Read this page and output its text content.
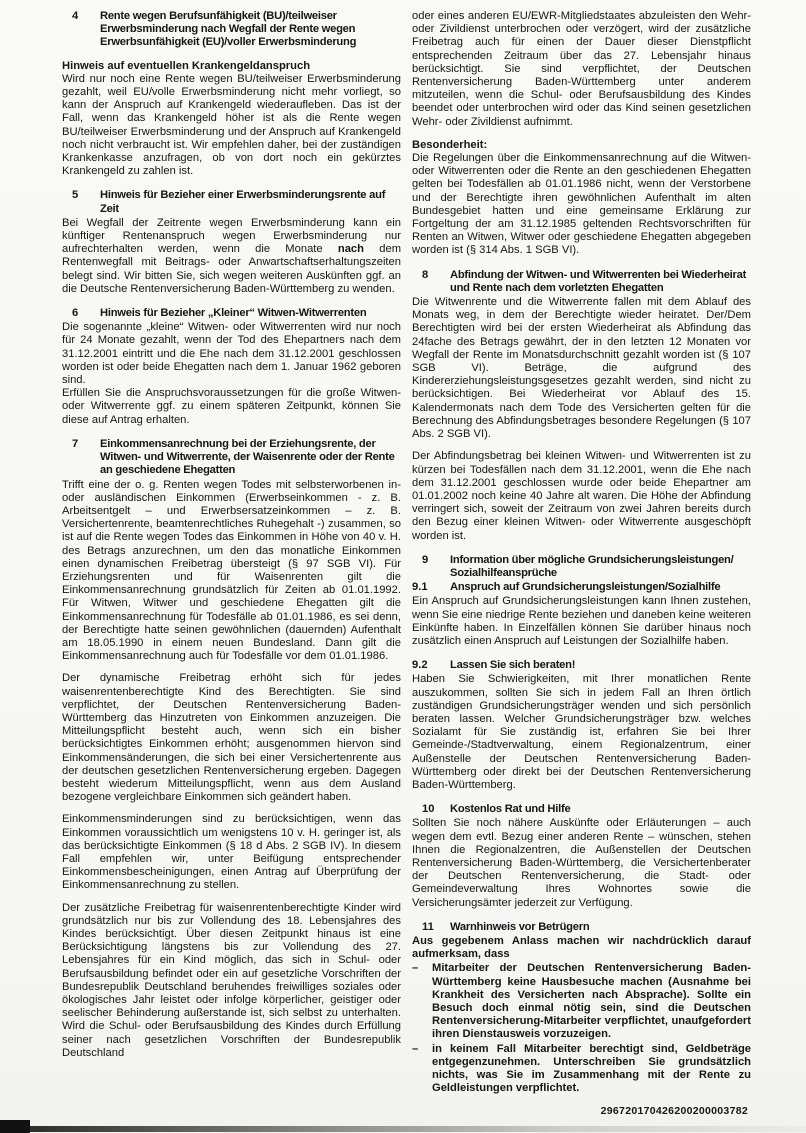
4	Rente wegen Berufsunfähigkeit (BU)/teilweiser Erwerbsminderung nach Wegfall der Rente wegen Erwerbsunfähigkeit (EU)/voller Erwerbsminderung
Hinweis auf eventuellen Krankengeldanspruch
Wird nur noch eine Rente wegen BU/teilweiser Erwerbsminderung gezahlt, weil EU/volle Erwerbsminderung nicht mehr vorliegt, so kann der Anspruch auf Krankengeld wiederaufleben. Das ist der Fall, wenn das Krankengeld höher ist als die Rente wegen BU/teilweiser Erwerbsminderung und der Anspruch auf Krankengeld noch nicht verbraucht ist. Wir empfehlen daher, bei der zuständigen Krankenkasse anzufragen, ob von dort noch ein gekürztes Krankengeld zu zahlen ist.
5	Hinweis für Bezieher einer Erwerbsminderungsrente auf Zeit
Bei Wegfall der Zeitrente wegen Erwerbsminderung kann ein künftiger Rentenanspruch wegen Erwerbsminderung nur aufrechterhalten werden, wenn die Monate nach dem Rentenwegfall mit Beitrags- oder Anwartschaftserhaltungszeiten belegt sind. Wir bitten Sie, sich wegen weiteren Auskünften ggf. an die Deutsche Rentenversicherung Baden-Württemberg zu wenden.
6	Hinweis für Bezieher „Kleiner“ Witwen-Witwerrenten
Die sogenannte „kleine“ Witwen- oder Witwerrenten wird nur noch für 24 Monate gezahlt, wenn der Tod des Ehepartners nach dem 31.12.2001 eintritt und die Ehe nach dem 31.12.2001 geschlossen worden ist oder beide Ehegatten nach dem 1. Januar 1962 geboren sind.
Erfüllen Sie die Anspruchsvoraussetzungen für die große Witwen- oder Witwerrente ggf. zu einem späteren Zeitpunkt, können Sie diese auf Antrag erhalten.
7	Einkommensanrechnung bei der Erziehungsrente, der Witwen- und Witwerrente, der Waisenrente oder der Rente an geschiedene Ehegatten
Trifft eine der o. g. Renten wegen Todes mit selbsterworbenen in- oder ausländischen Einkommen (Erwerbseinkommen - z. B. Arbeitsentgelt – und Erwerbsersatzeinkommen – z. B. Versichertenrente, beamtenrechtliches Ruhegehalt -) zusammen, so ist auf die Rente wegen Todes das Einkommen in Höhe von 40 v. H. des Betrags anzurechnen, um den das monatliche Einkommen einen dynamischen Freibetrag übersteigt (§ 97 SGB VI). Für Erziehungsrenten und für Waisenrenten gilt die Einkommensanrechnung grundsätzlich für Zeiten ab 01.01.1992. Für Witwen, Witwer und geschiedene Ehegatten gilt die Einkommensanrechnung für Todesfälle ab 01.01.1986, es sei denn, der Berechtigte hatte seinen gewöhnlichen (dauernden) Aufenthalt am 18.05.1990 in einem neuen Bundesland. Dann gilt die Einkommensanrechnung auch für Todesfälle vor dem 01.01.1986.
Der dynamische Freibetrag erhöht sich für jedes waisenrentenberechtigte Kind des Berechtigten. Sie sind verpflichtet, der Deutschen Rentenversicherung Baden-Württemberg das Hinzutreten von Einkommen anzuzeigen. Die Mitteilungspflicht besteht auch, wenn sich ein bisher berücksichtigtes Einkommen erhöht; ausgenommen hiervon sind Einkommensänderungen, die sich bei einer Versichertenrente aus der deutschen gesetzlichen Rentenversicherung ergeben. Dagegen besteht wiederum Mitteilungspflicht, wenn aus dem Ausland bezogene vergleichbare Einkommen sich geändert haben.
Einkommensminderungen sind zu berücksichtigen, wenn das Einkommen voraussichtlich um wenigstens 10 v. H. geringer ist, als das berücksichtigte Einkommen (§ 18 d Abs. 2 SGB IV). In diesem Fall empfehlen wir, unter Beifügung entsprechender Einkommensbescheinigungen, einen Antrag auf Überprüfung der Einkommensanrechnung zu stellen.
Der zusätzliche Freibetrag für waisenrentenberechtigte Kinder wird grundsätzlich nur bis zur Vollendung des 18. Lebensjahres des Kindes berücksichtigt. Über diesen Zeitpunkt hinaus ist eine Berücksichtigung längstens bis zur Vollendung des 27. Lebensjahres für ein Kind möglich, das sich in Schul- oder Berufsausbildung befindet oder ein auf gesetzliche Vorschriften der Bundesrepublik Deutschland beruhendes freiwilliges soziales oder ökologisches Jahr leistet oder infolge körperlicher, geistiger oder seelischer Behinderung außerstande ist, sich selbst zu unterhalten. Wird die Schul- oder Berufsausbildung des Kindes durch Erfüllung seiner nach gesetzlichen Vorschriften der Bundesrepublik Deutschland
oder eines anderen EU/EWR-Mitgliedstaates abzuleisten den Wehr- oder Zivildienst unterbrochen oder verzögert, wird der zusätzliche Freibetrag auch für einen der Dauer dieser Dienstpflicht entsprechenden Zeitraum über das 27. Lebensjahr hinaus berücksichtigt. Sie sind verpflichtet, der Deutschen Rentenversicherung Baden-Württemberg unter anderem mitzuteilen, wenn die Schul- oder Berufsausbildung des Kindes beendet oder unterbrochen wird oder das Kind seinen gesetzlichen Wehr- oder Zivildienst aufnimmt.
Besonderheit:
Die Regelungen über die Einkommensanrechnung auf die Witwen- oder Witwerrenten oder die Rente an den geschiedenen Ehegatten gelten bei Todesfällen ab 01.01.1986 nicht, wenn der Verstorbene und der Berechtigte ihren gewöhnlichen Aufenthalt im alten Bundesgebiet hatten und eine gemeinsame Erklärung zur Fortgeltung der am 31.12.1985 geltenden Rechtsvorschriften für Renten an Witwen, Witwer oder geschiedene Ehegatten abgegeben worden ist (§ 314 Abs. 1 SGB VI).
8	Abfindung der Witwen- und Witwerrenten bei Wiederheirat und Rente nach dem vorletzten Ehegatten
Die Witwenrente und die Witwerrente fallen mit dem Ablauf des Monats weg, in dem der Berechtigte wieder heiratet. Der/Dem Berechtigten wird bei der ersten Wiederheirat als Abfindung das 24fache des Betrags gewährt, der in den letzten 12 Monaten vor Wegfall der Rente im Monatsdurchschnitt gezahlt worden ist (§ 107 SGB VI). Beträge, die aufgrund des Kindererziehungsleistungsgesetzes gezahlt werden, sind nicht zu berücksichtigen. Bei Wiederheirat vor Ablauf des 15. Kalendermonats nach dem Tode des Versicherten gelten für die Berechnung des Abfindungsbetrages besondere Regelungen (§ 107 Abs. 2 SGB VI).
Der Abfindungsbetrag bei kleinen Witwen- und Witwerrenten ist zu kürzen bei Todesfällen nach dem 31.12.2001, wenn die Ehe nach dem 31.12.2001 geschlossen wurde oder beide Ehepartner am 01.01.2002 noch keine 40 Jahre alt waren. Die Höhe der Abfindung verringert sich, soweit der Zeitraum von zwei Jahren bereits durch den Bezug einer kleinen Witwen- oder Witwerrente ausgeschöpft worden ist.
9	Information über mögliche Grundsicherungsleistungen/ Sozialhilfeansprüche
9.1	Anspruch auf Grundsicherungsleistungen/Sozialhilfe
Ein Anspruch auf Grundsicherungsleistungen kann Ihnen zustehen, wenn Sie eine niedrige Rente beziehen und daneben keine weiteren Einkünfte haben. In Einzelfällen können Sie darüber hinaus noch zusätzlich einen Anspruch auf Leistungen der Sozialhilfe haben.
9.2	Lassen Sie sich beraten!
Haben Sie Schwierigkeiten, mit Ihrer monatlichen Rente auszukommen, sollten Sie sich in jedem Fall an Ihren örtlich zuständigen Grundsicherungsträger wenden und sich persönlich beraten lassen. Welcher Grundsicherungsträger bzw. welches Sozialamt für Sie zuständig ist, erfahren Sie bei Ihrer Gemeinde-/Stadtverwaltung, einem Regionalzentrum, einer Außenstelle der Deutschen Rentenversicherung Baden-Württemberg oder direkt bei der Deutschen Rentenversicherung Baden-Württemberg.
10	Kostenlos Rat und Hilfe
Sollten Sie noch nähere Auskünfte oder Erläuterungen – auch wegen dem evtl. Bezug einer anderen Rente – wünschen, stehen Ihnen die Regionalzentren, die Außenstellen der Deutschen Rentenversicherung Baden-Württemberg, die Versichertenberater der Deutschen Rentenversicherung, die Stadt- oder Gemeindeverwaltung Ihres Wohnortes sowie die Versicherungsämter jederzeit zur Verfügung.
11	Warnhinweis vor Betrügern
Aus gegebenem Anlass machen wir nachdrücklich darauf aufmerksam, dass
–	Mitarbeiter der Deutschen Rentenversicherung Baden-Württemberg keine Hausbesuche machen (Ausnahme bei Krankheit des Versicherten nach Absprache). Sollte ein Besuch doch einmal nötig sein, sind die Deutschen Rentenversicherung-Mitarbeiter verpflichtet, unaufgefordert ihren Dienstausweis vorzuzeigen.
–	in keinem Fall Mitarbeiter berechtigt sind, Geldbeträge entgegenzunehmen. Unterschreiben Sie grundsätzlich nichts, was Sie im Zusammenhang mit der Rente zu Geldleistungen verpflichtet.
296720170426200200003782
